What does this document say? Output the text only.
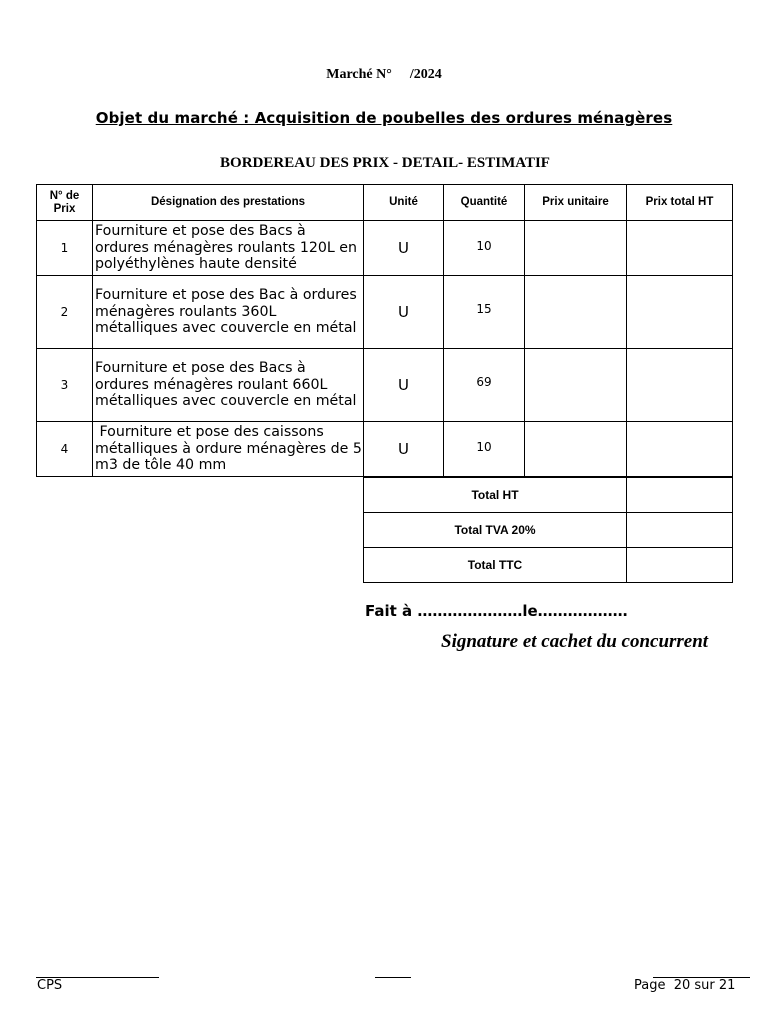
Marché N° /2024
Objet du marché : Acquisition de poubelles des ordures ménagères
BORDEREAU DES PRIX - DETAIL- ESTIMATIF
N° de Prix	Désignation des prestations	Unité	Quantité	Prix unitaire	Prix total HT
1	Fourniture et pose des Bacs à ordures ménagères roulants 120L en polyéthylènes haute densité	U	10		
2	Fourniture et pose des Bac à ordures ménagères roulants 360L métalliques avec couvercle en métal	U	15		
3	Fourniture et pose des Bacs à ordures ménagères roulant 660L métalliques avec couvercle en métal	U	69		
4	Fourniture et pose des caissons métalliques à ordure ménagères de 5 m3 de tôle 40 mm	U	10		
Total HT	
Total TVA 20%	
Total TTC	
Fait à …………………le………………
Signature et cachet du concurrent
CPS	Page  20 sur 21
